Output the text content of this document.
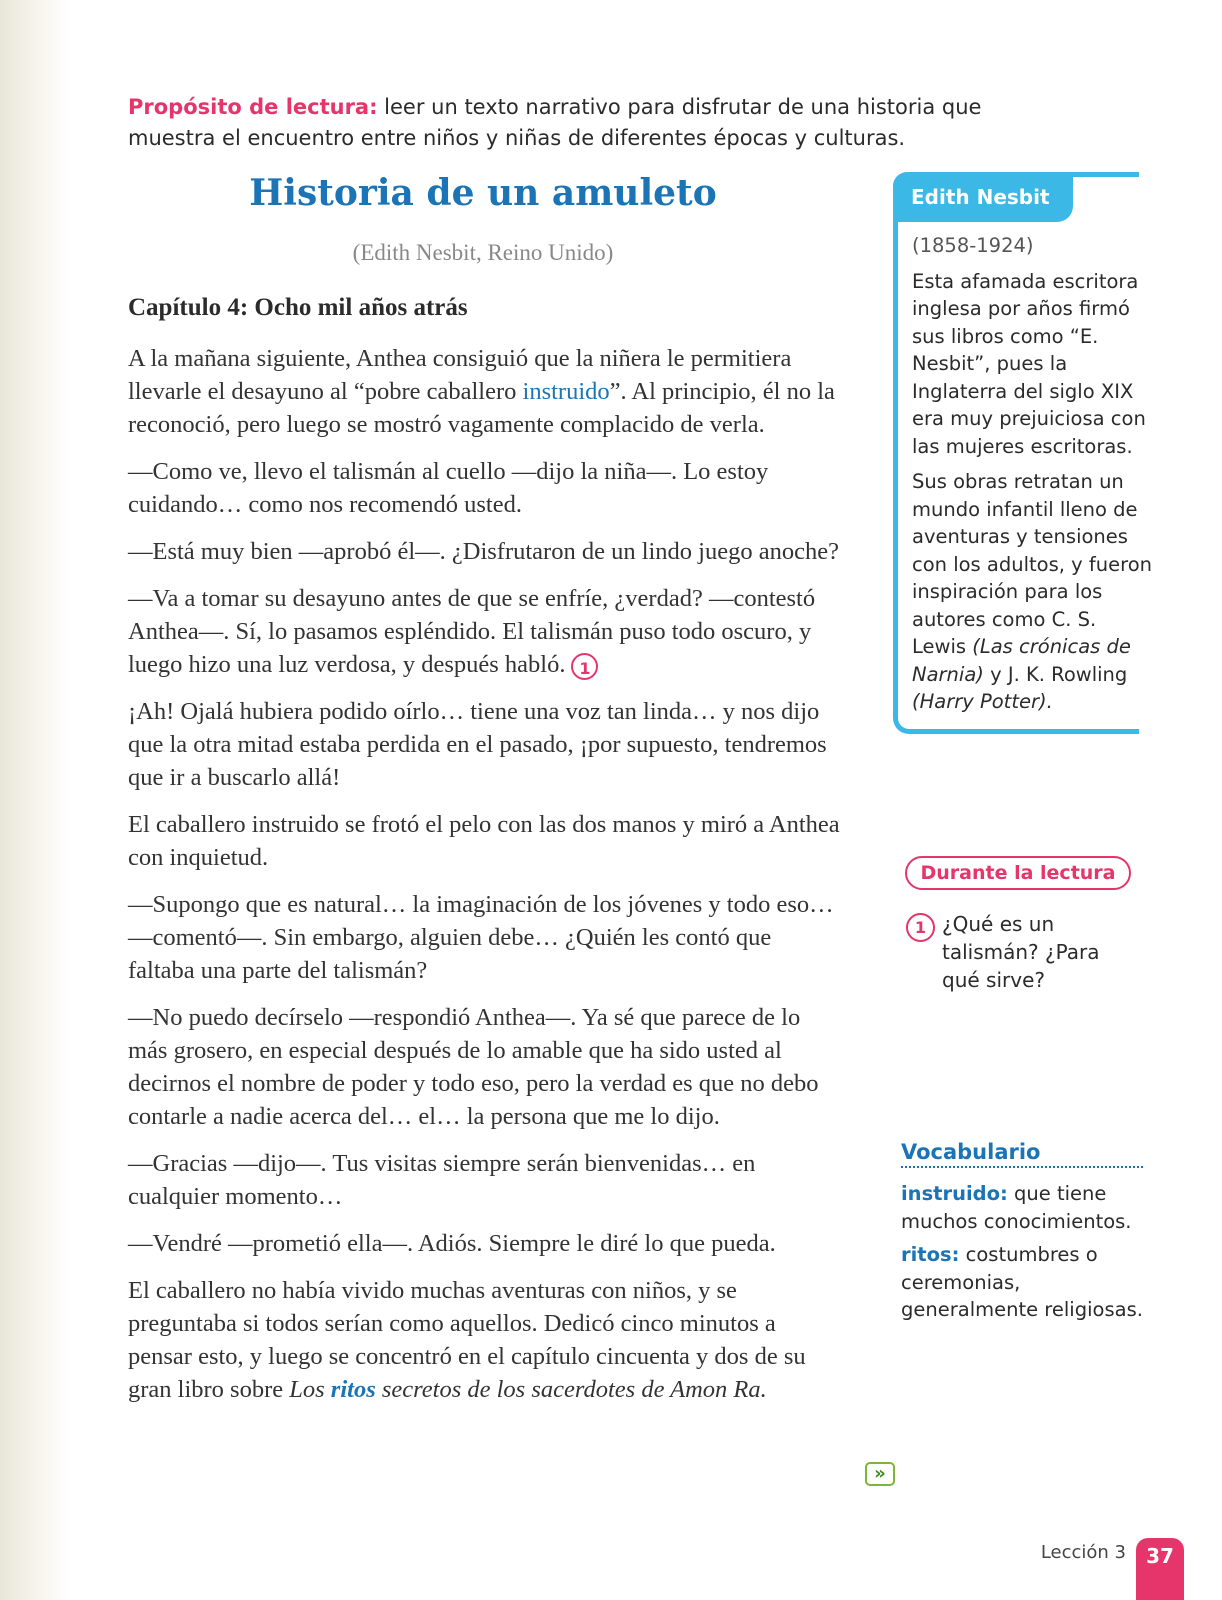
Propósito de lectura: leer un texto narrativo para disfrutar de una historia que muestra el encuentro entre niños y niñas de diferentes épocas y culturas.
Historia de un amuleto
(Edith Nesbit, Reino Unido)
Capítulo 4: Ocho mil años atrás

A la mañana siguiente, Anthea consiguió que la niñera le permitiera llevarle el desayuno al “pobre caballero instruido”. Al principio, él no la reconoció, pero luego se mostró vagamente complacido de verla.

—Como ve, llevo el talismán al cuello —dijo la niña—. Lo estoy cuidando… como nos recomendó usted.

—Está muy bien —aprobó él—. ¿Disfrutaron de un lindo juego anoche?

—Va a tomar su desayuno antes de que se enfríe, ¿verdad? —contestó Anthea—. Sí, lo pasamos espléndido. El talismán puso todo oscuro, y luego hizo una luz verdosa, y después habló. 1

¡Ah! Ojalá hubiera podido oírlo… tiene una voz tan linda… y nos dijo que la otra mitad estaba perdida en el pasado, ¡por supuesto, tendremos que ir a buscarlo allá!

El caballero instruido se frotó el pelo con las dos manos y miró a Anthea con inquietud.

—Supongo que es natural… la imaginación de los jóvenes y todo eso… —comentó—. Sin embargo, alguien debe… ¿Quién les contó que faltaba una parte del talismán?

—No puedo decírselo —respondió Anthea—. Ya sé que parece de lo más grosero, en especial después de lo amable que ha sido usted al decirnos el nombre de poder y todo eso, pero la verdad es que no debo contarle a nadie acerca del… el… la persona que me lo dijo.

—Gracias —dijo—. Tus visitas siempre serán bienvenidas… en cualquier momento…

—Vendré —prometió ella—. Adiós. Siempre le diré lo que pueda.

El caballero no había vivido muchas aventuras con niños, y se preguntaba si todos serían como aquellos. Dedicó cinco minutos a pensar esto, y luego se concentró en el capítulo cincuenta y dos de su gran libro sobre Los ritos secretos de los sacerdotes de Amon Ra.

Edith Nesbit

(1858-1924)

Esta afamada escritora inglesa por años firmó sus libros como “E. Nesbit”, pues la Inglaterra del siglo XIX era muy prejuiciosa con las mujeres escritoras.

Sus obras retratan un mundo infantil lleno de aventuras y tensiones con los adultos, y fueron inspiración para los autores como C. S. Lewis (Las crónicas de Narnia) y J. K. Rowling (Harry Potter).

Durante la lectura
1 ¿Qué es un talismán? ¿Para qué sirve?
Vocabulario

instruido: que tiene muchos conocimientos.

ritos: costumbres o ceremonias, generalmente religiosas.

»
Lección 3	37
